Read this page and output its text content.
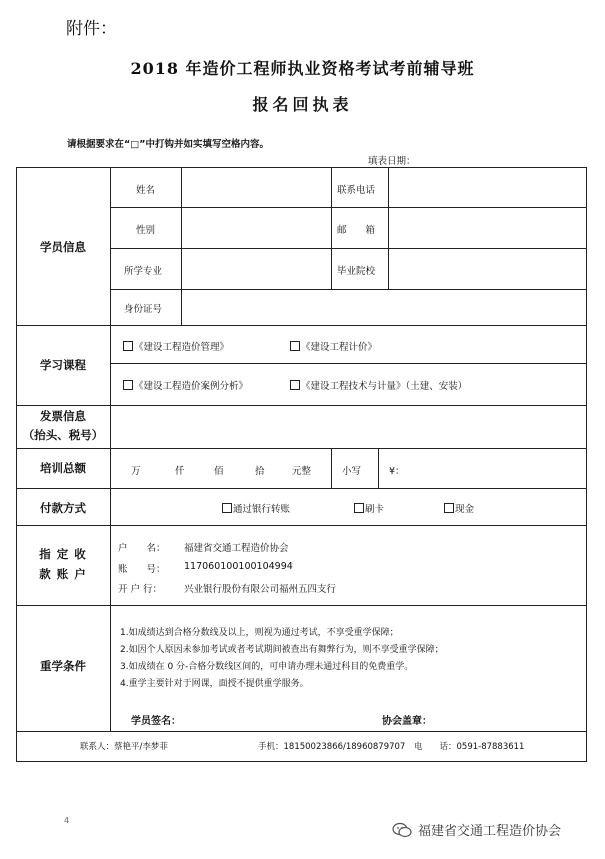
附件：
2018 年造价工程师执业资格考试考前辅导班
报名回执表
请根据要求在“□”中打钩并如实填写空格内容。
填表日期：
学员信息
姓名	联系电话
性别	邮　　箱
所学专业	毕业院校
身份证号
学习课程
《建设工程造价管理》	《建设工程计价》
《建设工程造价案例分析》	《建设工程技术与计量》（土建、安装）
发票信息
（抬头、税号）
培训总额	万	仟	佰	拾	元整	小写	¥：
付款方式	通过银行转账	刷卡	现金
指 定 收
款 账 户
户　　名： 福建省交通工程造价协会
账　　号： 117060100100104994
开 户 行： 兴业银行股份有限公司福州五四支行
重学条件
1.如成绩达到合格分数线及以上，则视为通过考试，不享受重学保障；
2.如因个人原因未参加考试或者考试期间被查出有舞弊行为，则不享受重学保障；
3.如成绩在 0 分-合格分数线区间的，可申请办理未通过科目的免费重学。
4.重学主要针对于网课，面授不提供重学服务。
学员签名：	协会盖章：
联系人：蔡艳平/李梦菲	手机：18150023866/18960879707 电　　话：0591-87883611
4
福建省交通工程造价协会
